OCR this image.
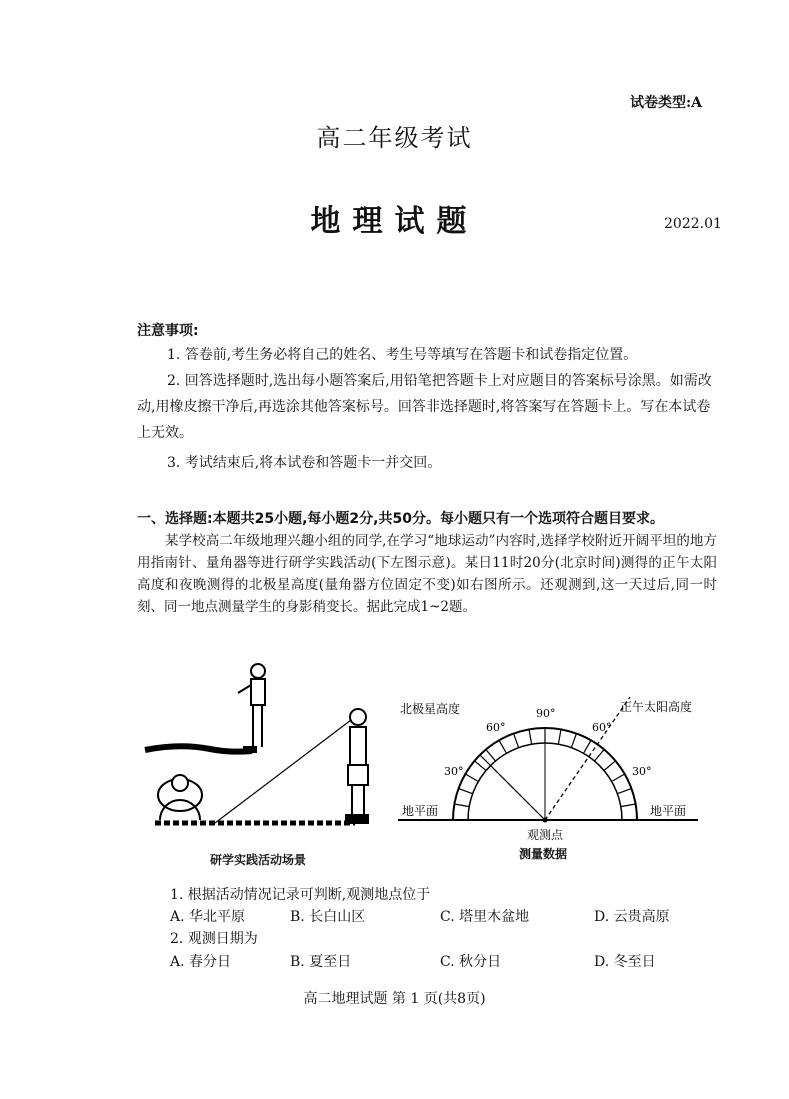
试卷类型:A
高二年级考试
地理试题	2022.01
注意事项:
1. 答卷前,考生务必将自己的姓名、考生号等填写在答题卡和试卷指定位置。
2. 回答选择题时,选出每小题答案后,用铅笔把答题卡上对应题目的答案标号涂黑。如需改动,用橡皮擦干净后,再选涂其他答案标号。回答非选择题时,将答案写在答题卡上。写在本试卷上无效。
3. 考试结束后,将本试卷和答题卡一并交回。
一、选择题:本题共25小题,每小题2分,共50分。每小题只有一个选项符合题目要求。
某学校高二年级地理兴趣小组的同学,在学习“地球运动”内容时,选择学校附近开阔平坦的地方用指南针、量角器等进行研学实践活动(下左图示意)。某日11时20分(北京时间)测得的正午太阳高度和夜晚测得的北极星高度(量角器方位固定不变)如右图所示。还观测到,这一天过后,同一时刻、同一地点测量学生的身影稍变长。据此完成1~2题。
研学实践活动场景
北极星高度	正午太阳高度
90°
60°	60°
30°	30°
地平面	地平面
观测点
测量数据
1. 根据活动情况记录可判断,观测地点位于
A. 华北平原	B. 长白山区	C. 塔里木盆地	D. 云贵高原
2. 观测日期为
A. 春分日	B. 夏至日	C. 秋分日	D. 冬至日
高二地理试题 第 1 页(共8页)
